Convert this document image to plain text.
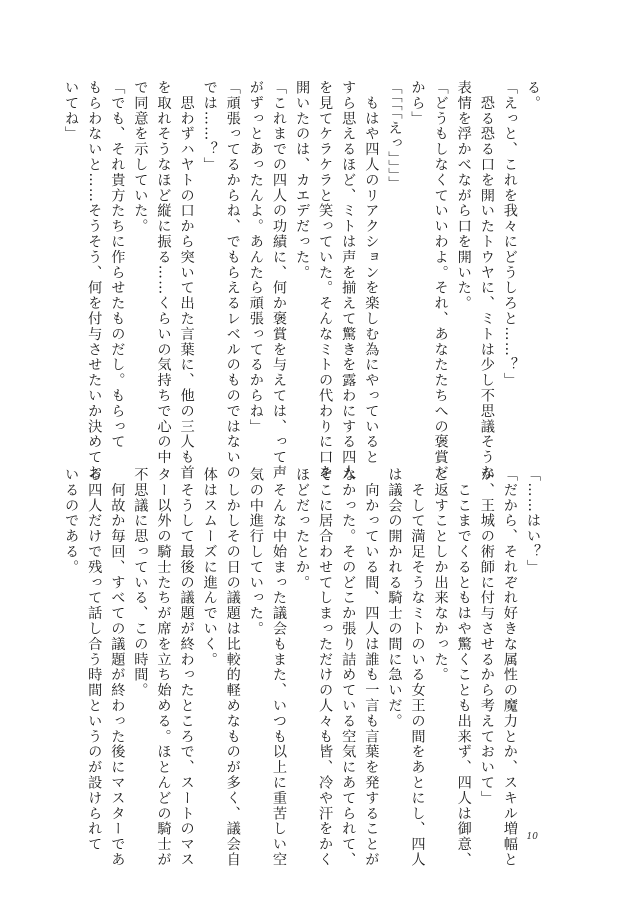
る。

「えっと、これを我々にどうしろと……？」

　恐る恐る口を開いたトウヤに、ミトは少し不思議そうな

表情を浮かべながら口を開いた。

「どうもしなくていいわよ。それ、あなたたちへの褒賞だ

から」

「「「「えっ」」」」

　もはや四人のリアクションを楽しむ為にやっていると

すら思えるほど、ミトは声を揃えて驚きを露わにする四人

を見てケラケラと笑っていた。そんなミトの代わりに口を

開いたのは、カエデだった。

「これまでの四人の功績に、何か褒賞を与えては、って声

がずっとあったんよ。あんたら頑張ってるからね」

「頑張ってるからね、でもらえるレベルのものではないの

では……？」

　思わずハヤトの口から突いて出た言葉に、他の三人も首

を取れそうなほど縦に振る……くらいの気持ちで心の中

で同意を示していた。

「でも、それ貴方たちに作らせたものだし。もらって

もらわないと……そうそう、何を付与させたいか決めてお

いてね」

「……はい？」

「だから、それぞれ好きな属性の魔力とか、スキル増幅と

か、王城の術師に付与させるから考えておいて」

　ここまでくるともはや驚くことも出来ず、四人は御意、

と返すことしか出来なかった。

　そして満足そうなミトのいる女王の間をあとにし、四人

は議会の開かれる騎士の間に急いだ。

　向かっている間、四人は誰も一言も言葉を発することが

なかった。そのどこか張り詰めている空気にあてられて、

そこに居合わせてしまっただけの人々も皆、冷や汗をかく

ほどだったとか。

　そんな中始まった議会もまた、いつも以上に重苦しい空

気の中進行していった。

　しかしその日の議題は比較的軽めなものが多く、議会自

体はスムーズに進んでいく。

　そうして最後の議題が終わったところで、スートのマス

ター以外の騎士たちが席を立ち始める。ほとんどの騎士が

不思議に思っている、この時間。

　何故か毎回、すべての議題が終わった後にマスターであ

る四人だけで残って話し合う時間というのが設けられて

いるのである。

10
